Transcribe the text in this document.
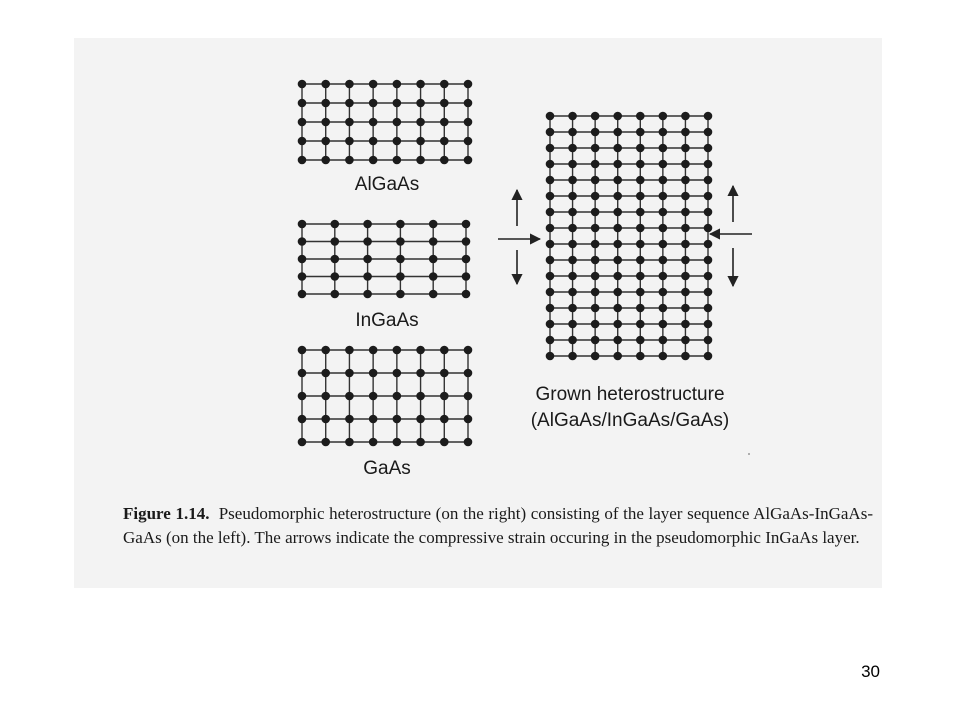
AlGaAs
InGaAs
GaAs
Grown heterostructure
(AlGaAs/InGaAs/GaAs)
Figure 1.14. Pseudomorphic heterostructure (on the right) consisting of the layer sequence AlGaAs-InGaAs-GaAs (on the left). The arrows indicate the compressive strain occuring in the pseudomorphic InGaAs layer.
30
